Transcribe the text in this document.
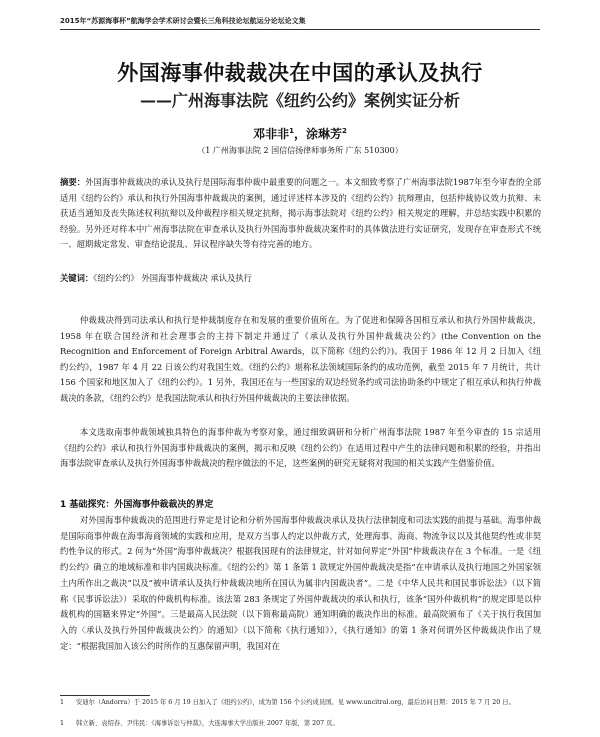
2015年“苏源海事杯”航海学会学术研讨会暨长三角科技论坛航运分论坛论文集
外国海事仲裁裁决在中国的承认及执行
——广州海事法院《纽约公约》案例实证分析
邓非非$^1$，涂琳芳$^2$
（1 广州海事法院 2 国信信扬律师事务所 广东 510300）

摘要：外国海事仲裁裁决的承认及执行是国际海事仲裁中最重要的问题之一。本文细致考察了广州海事法院1987年至今审查的全部适用《纽约公约》承认和执行外国海事仲裁裁决的案例，通过评述样本涉及的《纽约公约》抗辩理由，包括仲裁协议效力抗辩、未获适当通知及丧失陈述权利抗辩以及仲裁程序相关规定抗辩，揭示海事法院对《纽约公约》相关规定的理解，并总结实践中积累的经验。另外还对样本中广州海事法院在审查承认及执行外国海事仲裁裁决案件时的具体做法进行实证研究，发现存在审查形式不统一、超期裁定常发、审查结论混乱、异议程序缺失等有待完善的地方。

关键词：《纽约公约》 外国海事仲裁裁决 承认及执行

仲裁裁决得到司法承认和执行是仲裁制度存在和发展的重要价值所在。为了促进和保障各国相互承认和执行外国仲裁裁决，1958 年在联合国经济和社会理事会的主持下制定并通过了《承认及执行外国仲裁裁决公约》(the Convention on the Recognition and Enforcement of Foreign Arbitral Awards，以下简称《纽约公约》)。我国于 1986 年 12 月 2 日加入《纽约公约》，1987 年 4 月 22 日该公约对我国生效。《纽约公约》堪称私法领域国际条约的成功范例，截至 2015 年 7 月统计，共计 156 个国家和地区加入了《纽约公约》。1 另外，我国还在与一些国家的双边经贸条约或司法协助条约中规定了相互承认和执行仲裁裁决的条款，《纽约公约》是我国法院承认和执行外国仲裁裁决的主要法律依据。

本文选取南事仲裁领域独具特色的海事仲裁为考察对象，通过细致调研和分析广州海事法院 1987 年至今审查的 15 宗适用《纽约公约》承认和执行外国海事仲裁裁决的案例，揭示和反映《纽约公约》在适用过程中产生的法律问题和积累的经验，并指出海事法院审查承认及执行外国海事仲裁裁决的程序做法的不足，这些案例的研究无疑将对我国的相关实践产生借鉴价值。

1 基础探究：外国海事仲裁裁决的界定

对外国海事仲裁裁决的范围进行界定是讨论和分析外国海事仲裁裁决承认及执行法律制度和司法实践的前提与基础。海事仲裁是国际商事仲裁在海事海商领域的实践和应用，是双方当事人约定以仲裁方式，处理海事、海商、物流争议以及其他契约性或非契约性争议的形式。2 何为“外国”海事仲裁裁决？根据我国现有的法律规定，针对如何界定“外国”仲裁裁决存在 3 个标准。一是《纽约公约》确立的地域标准和非内国裁决标准。《纽约公约》第 1 条第 1 款规定外国仲裁裁决是指“在申请承认及执行地国之外国家领土内所作出之裁决”以及“被申请承认及执行仲裁裁决地所在国认为属非内国裁决者”。二是《中华人民共和国民事诉讼法》（以下简称《民事诉讼法》）采取的仲裁机构标准。该法第 283 条规定了外国仲裁裁决的承认和执行，该条“国外仲裁机构”的规定即是以仲裁机构的国籍来界定“外国”。三是最高人民法院（以下简称最高院）通知明确的裁决作出的标准。最高院颁布了《关于执行我国加入的〈承认及执行外国仲裁裁决公约〉的通知》（以下简称《执行通知》），《执行通知》的第 1 条对何谓外区仲裁裁决作出了规定：“根据我国加入该公约时所作的互惠保留声明，我国对在

1 安迪尔（Andorra）于 2015 年 6 月 19 日加入了《纽约公约》，成为第 156 个公约成员国。见 www.uncitral.org，最后访问日期：2015 年 7 月 20 日。

1 韩立新、袁绍春、尹伟民：《海事诉讼与仲裁》，大连海事大学出版社 2007 年版，第 207 页。
